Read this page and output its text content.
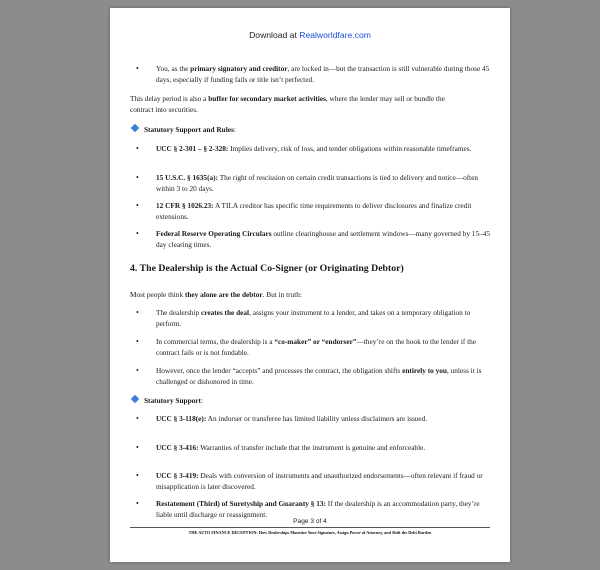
Download at Realworldfare.com
• You, as the primary signatory and creditor, are locked in—but the transaction is still vulnerable during those 45 days, especially if funding fails or title isn’t perfected.
This delay period is also a buffer for secondary market activities, where the lender may sell or bundle the contract into securities.
Statutory Support and Rules:
• UCC § 2-301 – § 2-328: Implies delivery, risk of loss, and tender obligations within reasonable timeframes.
• 15 U.S.C. § 1635(a): The right of rescission on certain credit transactions is tied to delivery and notice—often within 3 to 20 days.
• 12 CFR § 1026.23: A TILA creditor has specific time requirements to deliver disclosures and finalize credit extensions.
• Federal Reserve Operating Circulars outline clearinghouse and settlement windows—many governed by 15–45 day clearing times.
4. The Dealership is the Actual Co-Signer (or Originating Debtor)
Most people think they alone are the debtor. But in truth:
• The dealership creates the deal, assigns your instrument to a lender, and takes on a temporary obligation to perform.
• In commercial terms, the dealership is a “co-maker” or “endorser”—they’re on the hook to the lender if the contract fails or is not fundable.
• However, once the lender “accepts” and processes the contract, the obligation shifts entirely to you, unless it is challenged or dishonored in time.
Statutory Support:
• UCC § 3-118(e): An indorser or transferee has limited liability unless disclaimers are issued.
• UCC § 3-416: Warranties of transfer include that the instrument is genuine and enforceable.
• UCC § 3-419: Deals with conversion of instruments and unauthorized endorsements—often relevant if fraud or misapplication is later discovered.
• Restatement (Third) of Suretyship and Guaranty § 13: If the dealership is an accommodation party, they’re liable until discharge or reassignment.
Page 3 of 4
THE AUTO FINANCE DECEPTION: How Dealerships Monetize Your Signature, Assign Power of Attorney, and Shift the Debt Burden
